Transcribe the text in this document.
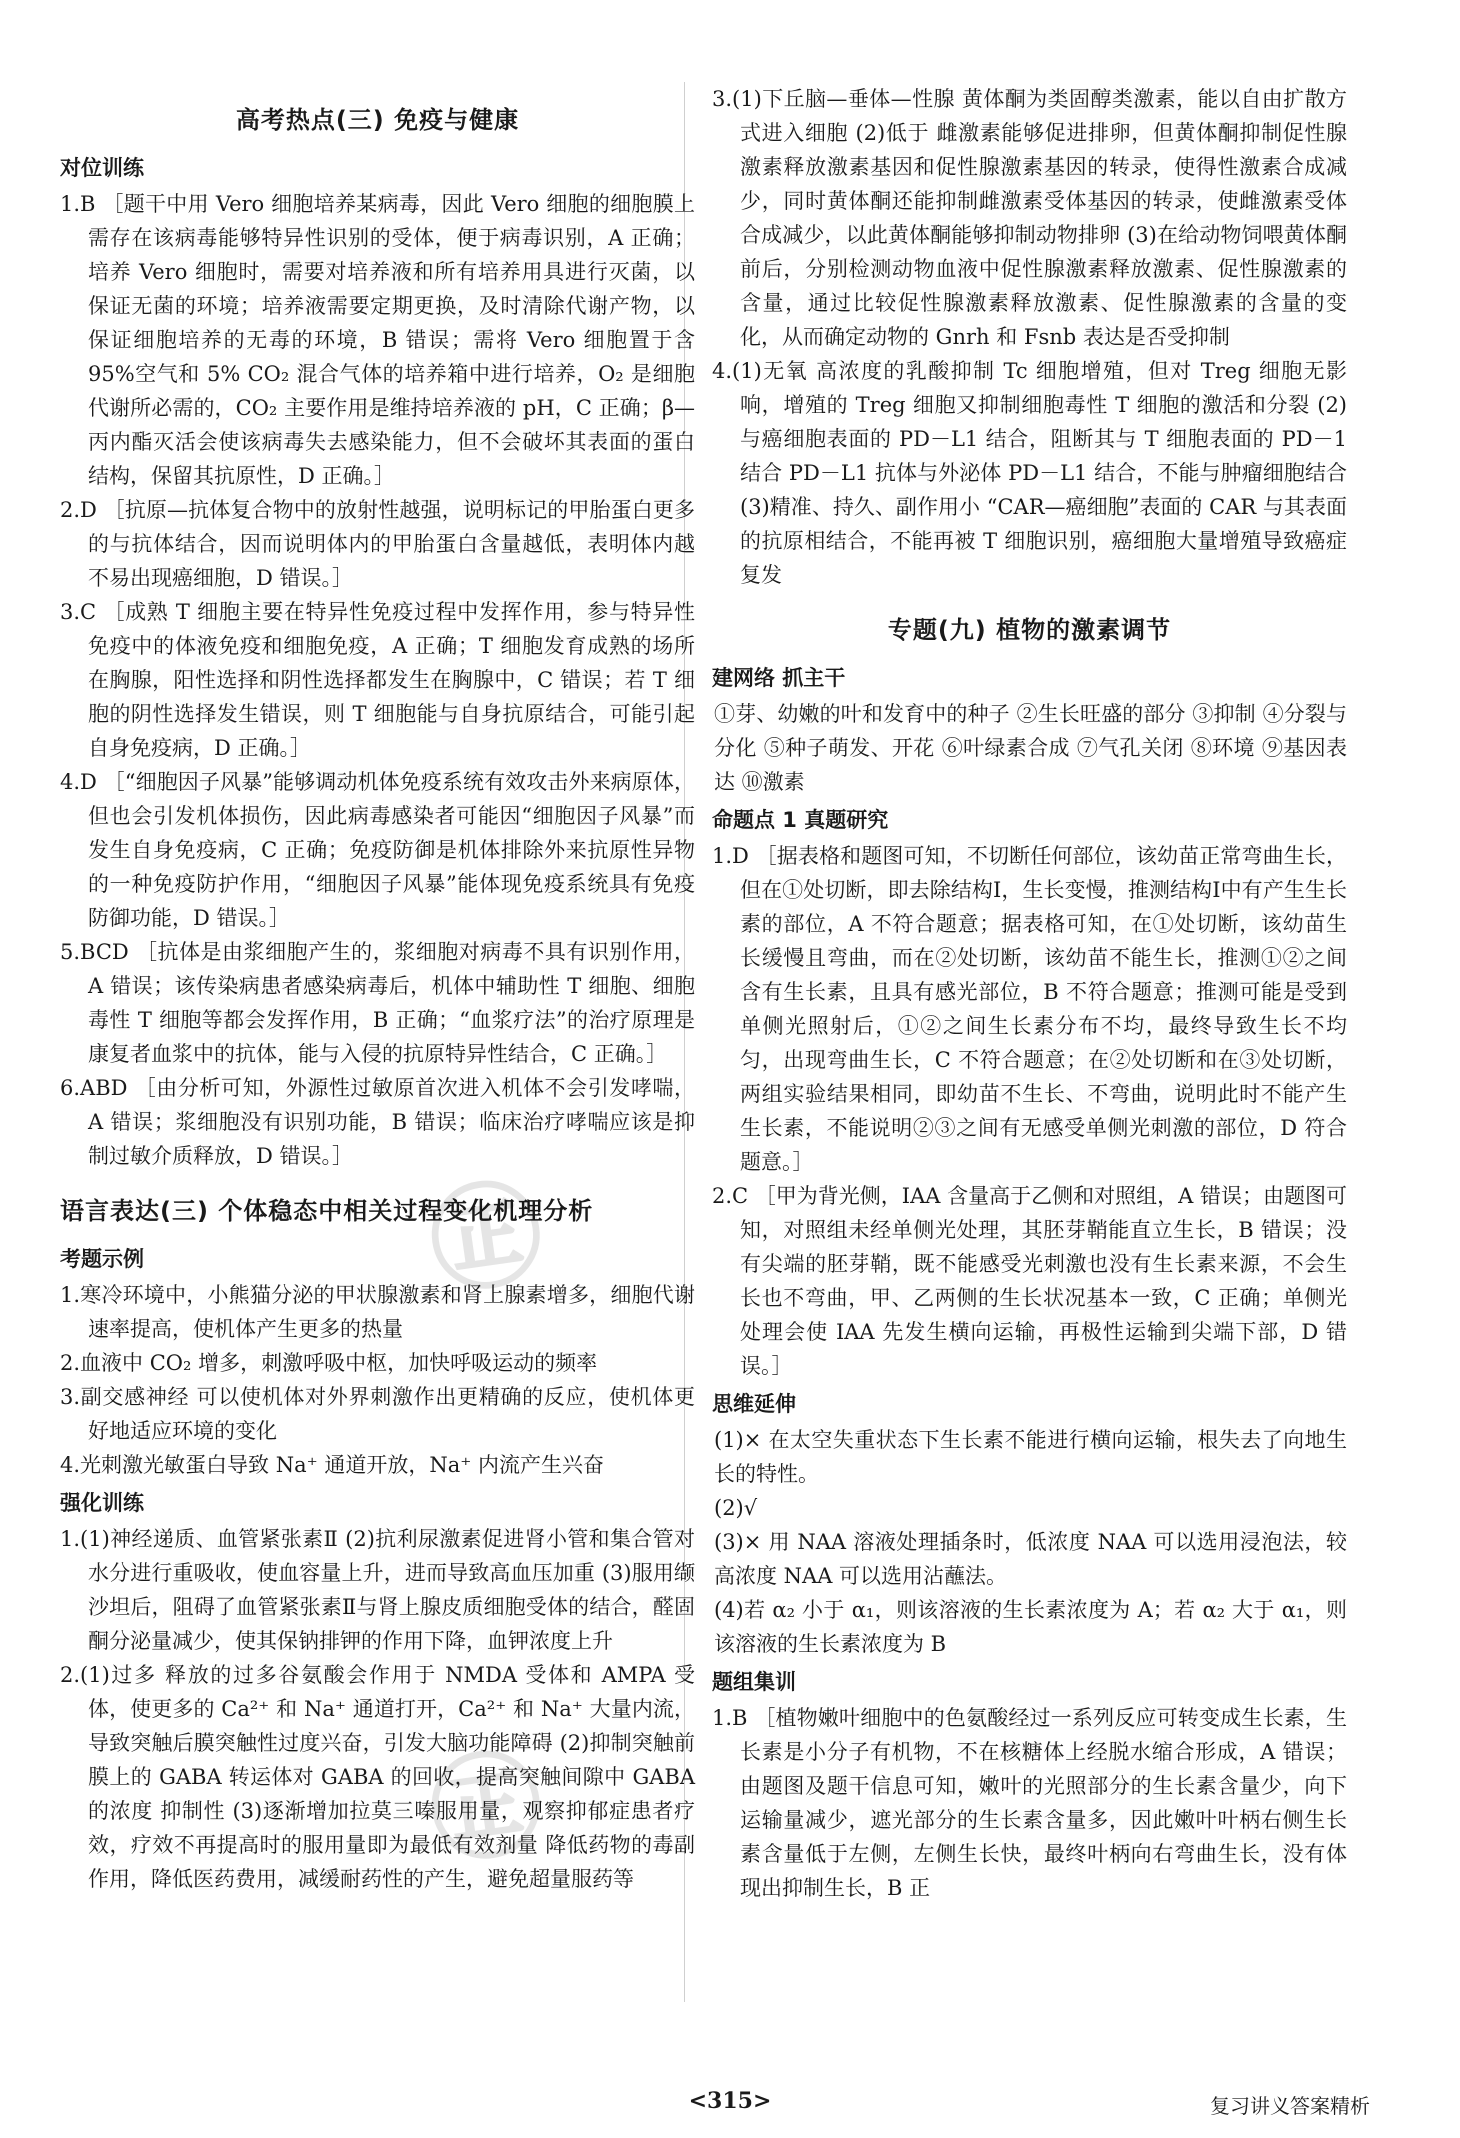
高考热点(三) 免疫与健康
对位训练

1.B ［题干中用 Vero 细胞培养某病毒，因此 Vero 细胞的细胞膜上需存在该病毒能够特异性识别的受体，便于病毒识别，A 正确；培养 Vero 细胞时，需要对培养液和所有培养用具进行灭菌，以保证无菌的环境；培养液需要定期更换，及时清除代谢产物，以保证细胞培养的无毒的环境，B 错误；需将 Vero 细胞置于含 95%空气和 5% CO₂ 混合气体的培养箱中进行培养，O₂ 是细胞代谢所必需的，CO₂ 主要作用是维持培养液的 pH，C 正确；β—丙内酯灭活会使该病毒失去感染能力，但不会破坏其表面的蛋白结构，保留其抗原性，D 正确。］

2.D ［抗原—抗体复合物中的放射性越强，说明标记的甲胎蛋白更多的与抗体结合，因而说明体内的甲胎蛋白含量越低，表明体内越不易出现癌细胞，D 错误。］

3.C ［成熟 T 细胞主要在特异性免疫过程中发挥作用，参与特异性免疫中的体液免疫和细胞免疫，A 正确；T 细胞发育成熟的场所在胸腺，阳性选择和阴性选择都发生在胸腺中，C 错误；若 T 细胞的阴性选择发生错误，则 T 细胞能与自身抗原结合，可能引起自身免疫病，D 正确。］

4.D ［“细胞因子风暴”能够调动机体免疫系统有效攻击外来病原体，但也会引发机体损伤，因此病毒感染者可能因“细胞因子风暴”而发生自身免疫病，C 正确；免疫防御是机体排除外来抗原性异物的一种免疫防护作用，“细胞因子风暴”能体现免疫系统具有免疫防御功能，D 错误。］

5.BCD ［抗体是由浆细胞产生的，浆细胞对病毒不具有识别作用，A 错误；该传染病患者感染病毒后，机体中辅助性 T 细胞、细胞毒性 T 细胞等都会发挥作用，B 正确；“血浆疗法”的治疗原理是康复者血浆中的抗体，能与入侵的抗原特异性结合，C 正确。］

6.ABD ［由分析可知，外源性过敏原首次进入机体不会引发哮喘，A 错误；浆细胞没有识别功能，B 错误；临床治疗哮喘应该是抑制过敏介质释放，D 错误。］

语言表达(三) 个体稳态中相关过程变化机理分析
考题示例

1.寒冷环境中，小熊猫分泌的甲状腺激素和肾上腺素增多，细胞代谢速率提高，使机体产生更多的热量

2.血液中 CO₂ 增多，刺激呼吸中枢，加快呼吸运动的频率

3.副交感神经 可以使机体对外界刺激作出更精确的反应，使机体更好地适应环境的变化

4.光刺激光敏蛋白导致 Na⁺ 通道开放，Na⁺ 内流产生兴奋

强化训练

1.(1)神经递质、血管紧张素Ⅱ (2)抗利尿激素促进肾小管和集合管对水分进行重吸收，使血容量上升，进而导致高血压加重 (3)服用缬沙坦后，阻碍了血管紧张素Ⅱ与肾上腺皮质细胞受体的结合，醛固酮分泌量减少，使其保钠排钾的作用下降，血钾浓度上升

2.(1)过多 释放的过多谷氨酸会作用于 NMDA 受体和 AMPA 受体，使更多的 Ca²⁺ 和 Na⁺ 通道打开，Ca²⁺ 和 Na⁺ 大量内流，导致突触后膜突触性过度兴奋，引发大脑功能障碍 (2)抑制突触前膜上的 GABA 转运体对 GABA 的回收，提高突触间隙中 GABA 的浓度 抑制性 (3)逐渐增加拉莫三嗪服用量，观察抑郁症患者疗效，疗效不再提高时的服用量即为最低有效剂量 降低药物的毒副作用，降低医药费用，减缓耐药性的产生，避免超量服药等

3.(1)下丘脑—垂体—性腺 黄体酮为类固醇类激素，能以自由扩散方式进入细胞 (2)低于 雌激素能够促进排卵，但黄体酮抑制促性腺激素释放激素基因和促性腺激素基因的转录，使得性激素合成减少，同时黄体酮还能抑制雌激素受体基因的转录，使雌激素受体合成减少，以此黄体酮能够抑制动物排卵 (3)在给动物饲喂黄体酮前后，分别检测动物血液中促性腺激素释放激素、促性腺激素的含量，通过比较促性腺激素释放激素、促性腺激素的含量的变化，从而确定动物的 Gnrh 和 Fsnb 表达是否受抑制

4.(1)无氧 高浓度的乳酸抑制 Tc 细胞增殖，但对 Treg 细胞无影响，增殖的 Treg 细胞又抑制细胞毒性 T 细胞的激活和分裂 (2)与癌细胞表面的 PD－L1 结合，阻断其与 T 细胞表面的 PD－1 结合 PD－L1 抗体与外泌体 PD－L1 结合，不能与肿瘤细胞结合 (3)精准、持久、副作用小 “CAR—癌细胞”表面的 CAR 与其表面的抗原相结合，不能再被 T 细胞识别，癌细胞大量增殖导致癌症复发

专题(九) 植物的激素调节
建网络 抓主干

①芽、幼嫩的叶和发育中的种子 ②生长旺盛的部分 ③抑制 ④分裂与分化 ⑤种子萌发、开花 ⑥叶绿素合成 ⑦气孔关闭 ⑧环境 ⑨基因表达 ⑩激素

命题点 1 真题研究

1.D ［据表格和题图可知，不切断任何部位，该幼苗正常弯曲生长，但在①处切断，即去除结构Ⅰ，生长变慢，推测结构Ⅰ中有产生生长素的部位，A 不符合题意；据表格可知，在①处切断，该幼苗生长缓慢且弯曲，而在②处切断，该幼苗不能生长，推测①②之间含有生长素，且具有感光部位，B 不符合题意；推测可能是受到单侧光照射后，①②之间生长素分布不均，最终导致生长不均匀，出现弯曲生长，C 不符合题意；在②处切断和在③处切断，两组实验结果相同，即幼苗不生长、不弯曲，说明此时不能产生生长素，不能说明②③之间有无感受单侧光刺激的部位，D 符合题意。］

2.C ［甲为背光侧，IAA 含量高于乙侧和对照组，A 错误；由题图可知，对照组未经单侧光处理，其胚芽鞘能直立生长，B 错误；没有尖端的胚芽鞘，既不能感受光刺激也没有生长素来源，不会生长也不弯曲，甲、乙两侧的生长状况基本一致，C 正确；单侧光处理会使 IAA 先发生横向运输，再极性运输到尖端下部，D 错误。］

思维延伸

(1)× 在太空失重状态下生长素不能进行横向运输，根失去了向地生长的特性。

(2)√

(3)× 用 NAA 溶液处理插条时，低浓度 NAA 可以选用浸泡法，较高浓度 NAA 可以选用沾蘸法。

(4)若 α₂ 小于 α₁，则该溶液的生长素浓度为 A；若 α₂ 大于 α₁，则该溶液的生长素浓度为 B

题组集训

1.B ［植物嫩叶细胞中的色氨酸经过一系列反应可转变成生长素，生长素是小分子有机物，不在核糖体上经脱水缩合形成，A 错误；由题图及题干信息可知，嫩叶的光照部分的生长素含量少，向下运输量减少，遮光部分的生长素含量多，因此嫩叶叶柄右侧生长素含量低于左侧，左侧生长快，最终叶柄向右弯曲生长，没有体现出抑制生长，B 正

㊣
㊣
<315>	复习讲义答案精析
